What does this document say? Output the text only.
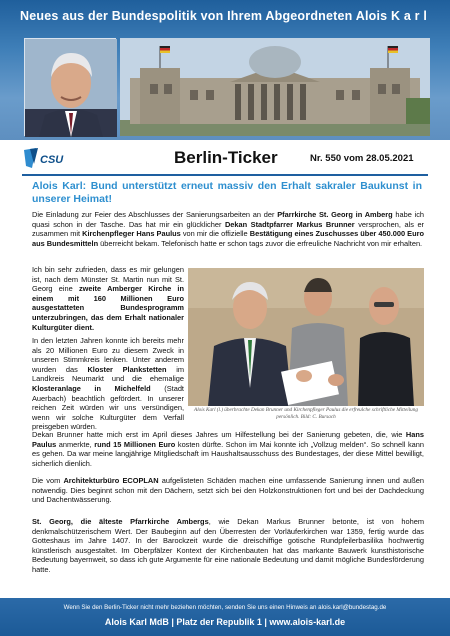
Neues aus der Bundespolitik von Ihrem Abgeordneten Alois K a r l
CSU	Berlin-Ticker	Nr. 550 vom 28.05.2021
Alois Karl: Bund unterstützt erneut massiv den Erhalt sakraler Baukunst in unserer Heimat!
Die Einladung zur Feier des Abschlusses der Sanierungsarbeiten an der Pfarrkirche St. Georg in Amberg habe ich quasi schon in der Tasche. Das hat mir ein glücklicher Dekan Stadtpfarrer Markus Brunner versprochen, als er zusammen mit Kirchenpfleger Hans Paulus von mir die offizielle Bestätigung eines Zuschusses über 450.000 Euro aus Bundesmitteln überreicht bekam. Telefonisch hatte er schon tags zuvor die erfreuliche Nachricht von mir erhalten.
Ich bin sehr zufrieden, dass es mir gelungen ist, nach dem Münster St. Martin nun mit St. Georg eine zweite Amberger Kirche in einem mit 160 Millionen Euro ausgestatteten Bundesprogramm unterzubringen, das dem Erhalt nationaler Kulturgüter dient.
In den letzten Jahren konnte ich bereits mehr als 20 Millionen Euro zu diesem Zweck in unseren Stimmkreis lenken. Unter anderem wurden das Kloster Plankstetten im Landkreis Neumarkt und die ehemalige Klosteranlage in Michelfeld (Stadt Auerbach) beachtlich gefördert. In unserer reichen Zeit würden wir uns versündigen, wenn wir solche Kulturgüter dem Verfall preisgeben würden.
Alois Karl (l.) überbrachte Dekan Brunner und Kirchenpfleger Paulus die erfreulche schriftliche Mitteilung persönlich. Bild: C. Bursach
Dekan Brunner hatte mich erst im April dieses Jahres um Hilfestellung bei der Sanierung gebeten, die, wie Hans Paulus anmerkte, rund 15 Millionen Euro kosten dürfte. Schon im Mai konnte ich „Vollzug melden“. So schnell kann es gehen. Da war meine langjährige Mitgliedschaft im Haushaltsausschuss des Bundestages, der diese Mittel bewilligt, sicherlich dienlich.
Die vom Architekturbüro ECOPLAN aufgelisteten Schäden machen eine umfassende Sanierung innen und außen notwendig. Dies beginnt schon mit den Dächern, setzt sich bei den Holzkonstruktionen fort und bei der Dachdeckung und Dachentwässerung.
St. Georg, die älteste Pfarrkirche Ambergs, wie Dekan Markus Brunner betonte, ist von hohem denkmalschützerischem Wert. Der Baubeginn auf den Überresten der Vorläuferkirchen war 1359, fertig wurde das Gotteshaus im Jahre 1407. In der Barockzeit wurde die dreischiffige gotische Rundpfeilerbasilika hochwertig künstlerisch ausgestaltet. Im Oberpfälzer Kontext der Kirchenbauten hat das markante Bauwerk kunsthistorische Bedeutung bayernweit, so dass ich gute Argumente für eine nationale Bedeutung und damit mögliche Bundesförderung hatte.
Wenn Sie den Berlin-Ticker nicht mehr beziehen möchten, senden Sie uns einen Hinweis an alois.karl@bundestag.de
Alois Karl MdB | Platz der Republik 1 | www.alois-karl.de
